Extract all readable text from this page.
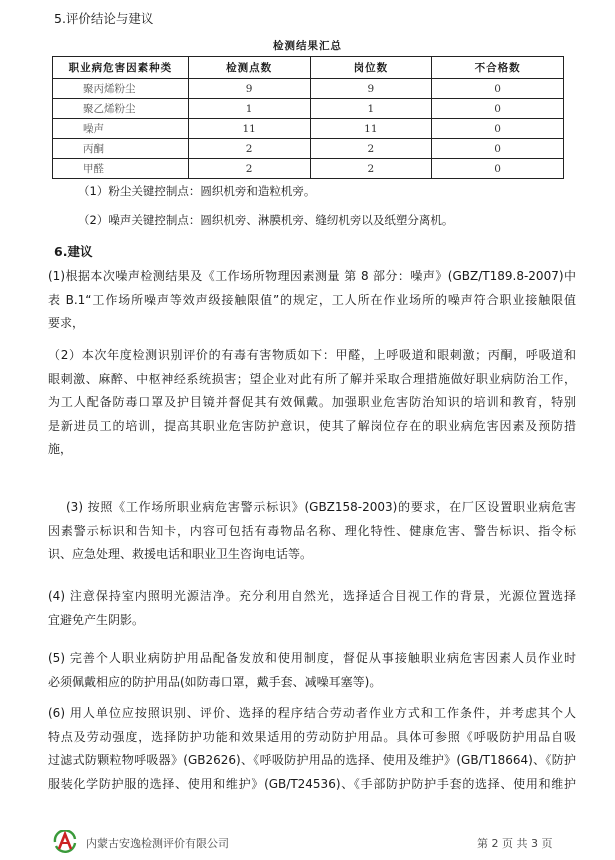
5.评价结论与建议
检测结果汇总
职业病危害因素种类	检测点数	岗位数	不合格数
聚丙烯粉尘	9	9	0
聚乙烯粉尘	1	1	0
噪声	11	11	0
丙酮	2	2	0
甲醛	2	2	0
（1）粉尘关键控制点：圆织机旁和造粒机旁。
（2）噪声关键控制点：圆织机旁、淋膜机旁、缝纫机旁以及纸塑分离机。
6.建议
(1)根据本次噪声检测结果及《工作场所物理因素测量 第 8 部分：噪声》(GBZ/T189.8-2007)中
表 B.1“工作场所噪声等效声级接触限值”的规定，工人所在作业场所的噪声符合职业接触限值
要求，
（2）本次年度检测识别评价的有毒有害物质如下：甲醛，上呼吸道和眼刺激；丙酮，呼吸道和
眼刺激、麻醉、中枢神经系统损害；望企业对此有所了解并采取合理措施做好职业病防治工作，
为工人配备防毒口罩及护目镜并督促其有效佩戴。加强职业危害防治知识的培训和教育，特别
是新进员工的培训，提高其职业危害防护意识，使其了解岗位存在的职业病危害因素及预防措
施，
(3) 按照《工作场所职业病危害警示标识》(GBZ158-2003)的要求，在厂区设置职业病危害
因素警示标识和告知卡，内容可包括有毒物品名称、理化特性、健康危害、警告标识、指令标
识、应急处理、救援电话和职业卫生咨询电话等。
(4) 注意保持室内照明光源洁净。充分利用自然光，选择适合目视工作的背景，光源位置选择
宜避免产生阴影。
(5) 完善个人职业病防护用品配备发放和使用制度，督促从事接触职业病危害因素人员作业时
必须佩戴相应的防护用品(如防毒口罩，戴手套、减噪耳塞等)。
(6) 用人单位应按照识别、评价、选择的程序结合劳动者作业方式和工作条件，并考虑其个人
特点及劳动强度，选择防护功能和效果适用的劳动防护用品。具体可参照《呼吸防护用品自吸
过滤式防颗粒物呼吸器》(GB2626)、《呼吸防护用品的选择、使用及维护》(GB/T18664)、《防护
服装化学防护服的选择、使用和维护》(GB/T24536)、《手部防护防护手套的选择、使用和维护
内蒙古安逸检测评价有限公司	第 2 页 共 3 页
